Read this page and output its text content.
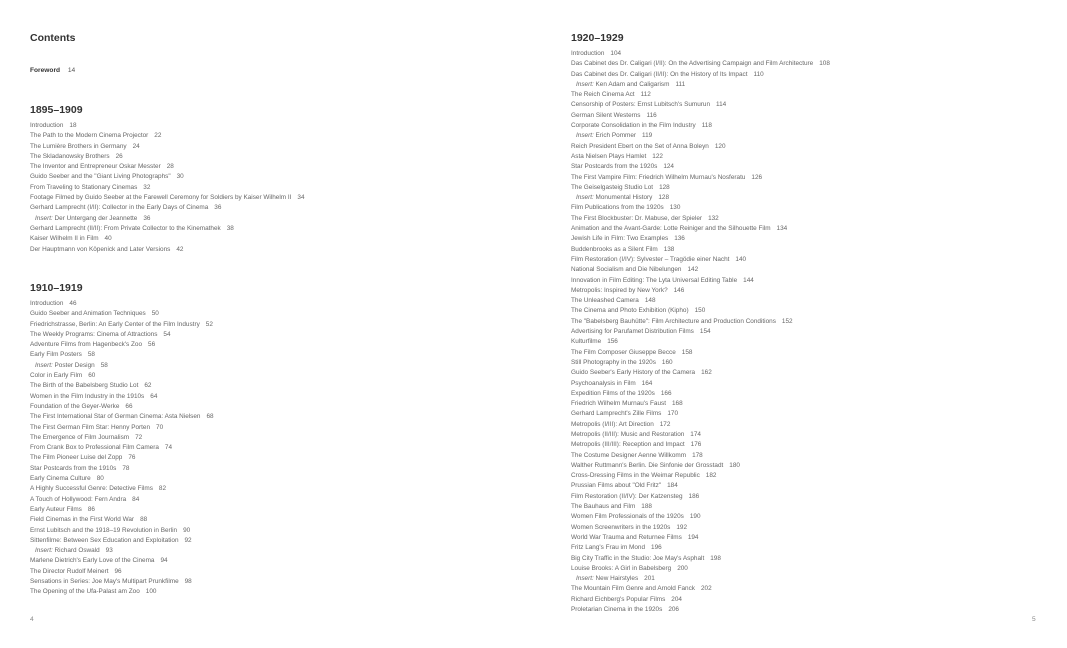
Contents
Foreword 14
1895–1909
Introduction 18
The Path to the Modern Cinema Projector 22
The Lumière Brothers in Germany 24
The Skladanowsky Brothers 26
The Inventor and Entrepreneur Oskar Messter 28
Guido Seeber and the "Giant Living Photographs" 30
From Traveling to Stationary Cinemas 32
Footage Filmed by Guido Seeber at the Farewell Ceremony for Soldiers by Kaiser Wilhelm II 34
Gerhard Lamprecht (I/II): Collector in the Early Days of Cinema 36
Insert: Der Untergang der Jeannette 36
Gerhard Lamprecht (II/II): From Private Collector to the Kinemathek 38
Kaiser Wilhelm II in Film 40
Der Hauptmann von Köpenick and Later Versions 42
1910–1919
Introduction 46
Guido Seeber and Animation Techniques 50
Friedrichstrasse, Berlin: An Early Center of the Film Industry 52
The Weekly Programs: Cinema of Attractions 54
Adventure Films from Hagenbeck's Zoo 56
Early Film Posters 58
Insert: Poster Design 58
Color in Early Film 60
The Birth of the Babelsberg Studio Lot 62
Women in the Film Industry in the 1910s 64
Foundation of the Geyer-Werke 66
The First International Star of German Cinema: Asta Nielsen 68
The First German Film Star: Henny Porten 70
The Emergence of Film Journalism 72
From Crank Box to Professional Film Camera 74
The Film Pioneer Luise del Zopp 76
Star Postcards from the 1910s 78
Early Cinema Culture 80
A Highly Successful Genre: Detective Films 82
A Touch of Hollywood: Fern Andra 84
Early Auteur Films 86
Field Cinemas in the First World War 88
Ernst Lubitsch and the 1918–19 Revolution in Berlin 90
Sittenfilme: Between Sex Education and Exploitation 92
Insert: Richard Oswald 93
Marlene Dietrich's Early Love of the Cinema 94
The Director Rudolf Meinert 96
Sensations in Series: Joe May's Multipart Prunkfilme 98
The Opening of the Ufa-Palast am Zoo 100
4
1920–1929
Introduction 104
Das Cabinet des Dr. Caligari (I/II): On the Advertising Campaign and Film Architecture 108
Das Cabinet des Dr. Caligari (II/II): On the History of Its Impact 110
Insert: Ken Adam and Caligarism 111
The Reich Cinema Act 112
Censorship of Posters: Ernst Lubitsch's Sumurun 114
German Silent Westerns 116
Corporate Consolidation in the Film Industry 118
Insert: Erich Pommer 119
Reich President Ebert on the Set of Anna Boleyn 120
Asta Nielsen Plays Hamlet 122
Star Postcards from the 1920s 124
The First Vampire Film: Friedrich Wilhelm Murnau's Nosferatu 126
The Geiselgasteig Studio Lot 128
Insert: Monumental History 128
Film Publications from the 1920s 130
The First Blockbuster: Dr. Mabuse, der Spieler 132
Animation and the Avant-Garde: Lotte Reiniger and the Silhouette Film 134
Jewish Life in Film: Two Examples 136
Buddenbrooks as a Silent Film 138
Film Restoration (I/IV): Sylvester – Tragödie einer Nacht 140
National Socialism and Die Nibelungen 142
Innovation in Film Editing: The Lyta Universal Editing Table 144
Metropolis: Inspired by New York? 146
The Unleashed Camera 148
The Cinema and Photo Exhibition (Kipho) 150
The "Babelsberg Bauhütte": Film Architecture and Production Conditions 152
Advertising for Parufamet Distribution Films 154
Kulturfilme 156
The Film Composer Giuseppe Becce 158
Still Photography in the 1920s 160
Guido Seeber's Early History of the Camera 162
Psychoanalysis in Film 164
Expedition Films of the 1920s 166
Friedrich Wilhelm Murnau's Faust 168
Gerhard Lamprecht's Zille Films 170
Metropolis (I/III): Art Direction 172
Metropolis (II/III): Music and Restoration 174
Metropolis (III/III): Reception and Impact 176
The Costume Designer Aenne Willkomm 178
Walther Ruttmann's Berlin. Die Sinfonie der Grosstadt 180
Cross-Dressing Films in the Weimar Republic 182
Prussian Films about "Old Fritz" 184
Film Restoration (II/IV): Der Katzensteg 186
The Bauhaus and Film 188
Women Film Professionals of the 1920s 190
Women Screenwriters in the 1920s 192
World War Trauma and Returnee Films 194
Fritz Lang's Frau im Mond 196
Big City Traffic in the Studio: Joe May's Asphalt 198
Louise Brooks: A Girl in Babelsberg 200
Insert: New Hairstyles 201
The Mountain Film Genre and Arnold Fanck 202
Richard Eichberg's Popular Films 204
Proletarian Cinema in the 1920s 206
5
